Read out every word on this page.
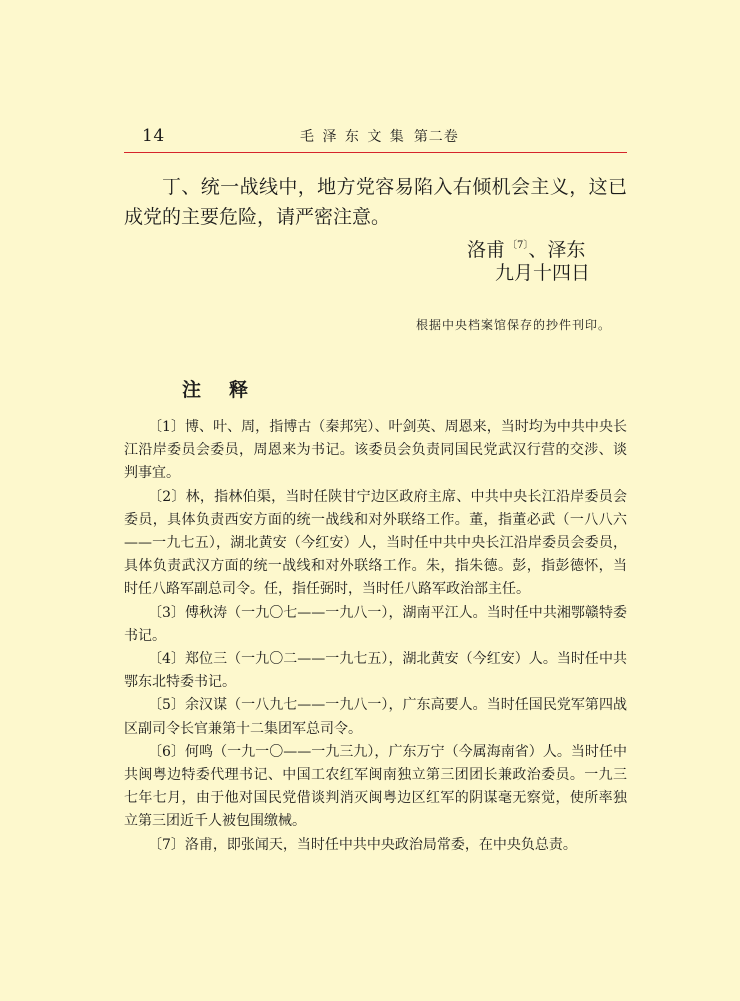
14	毛 泽 东 文 集 第二卷

丁、统一战线中，地方党容易陷入右倾机会主义，这已成党的主要危险，请严密注意。

洛甫 $^{〔7〕}$、泽东
九月十四日
根据中央档案馆保存的抄件刊印。
注释

〔1〕博、叶、周，指博古（秦邦宪）、叶剑英、周恩来，当时均为中共中央长江沿岸委员会委员，周恩来为书记。该委员会负责同国民党武汉行营的交涉、谈判事宜。

〔2〕林，指林伯渠，当时任陕甘宁边区政府主席、中共中央长江沿岸委员会委员，具体负责西安方面的统一战线和对外联络工作。董，指董必武（一八八六——一九七五），湖北黄安（今红安）人，当时任中共中央长江沿岸委员会委员，具体负责武汉方面的统一战线和对外联络工作。朱，指朱德。彭，指彭德怀，当时任八路军副总司令。任，指任弼时，当时任八路军政治部主任。

〔3〕傅秋涛（一九〇七——一九八一），湖南平江人。当时任中共湘鄂赣特委书记。

〔4〕郑位三（一九〇二——一九七五），湖北黄安（今红安）人。当时任中共鄂东北特委书记。

〔5〕余汉谋（一八九七——一九八一），广东高要人。当时任国民党军第四战区副司令长官兼第十二集团军总司令。

〔6〕何鸣（一九一〇——一九三九），广东万宁（今属海南省）人。当时任中共闽粤边特委代理书记、中国工农红军闽南独立第三团团长兼政治委员。一九三七年七月，由于他对国民党借谈判消灭闽粤边区红军的阴谋毫无察觉，使所率独立第三团近千人被包围缴械。

〔7〕洛甫，即张闻天，当时任中共中央政治局常委，在中央负总责。
